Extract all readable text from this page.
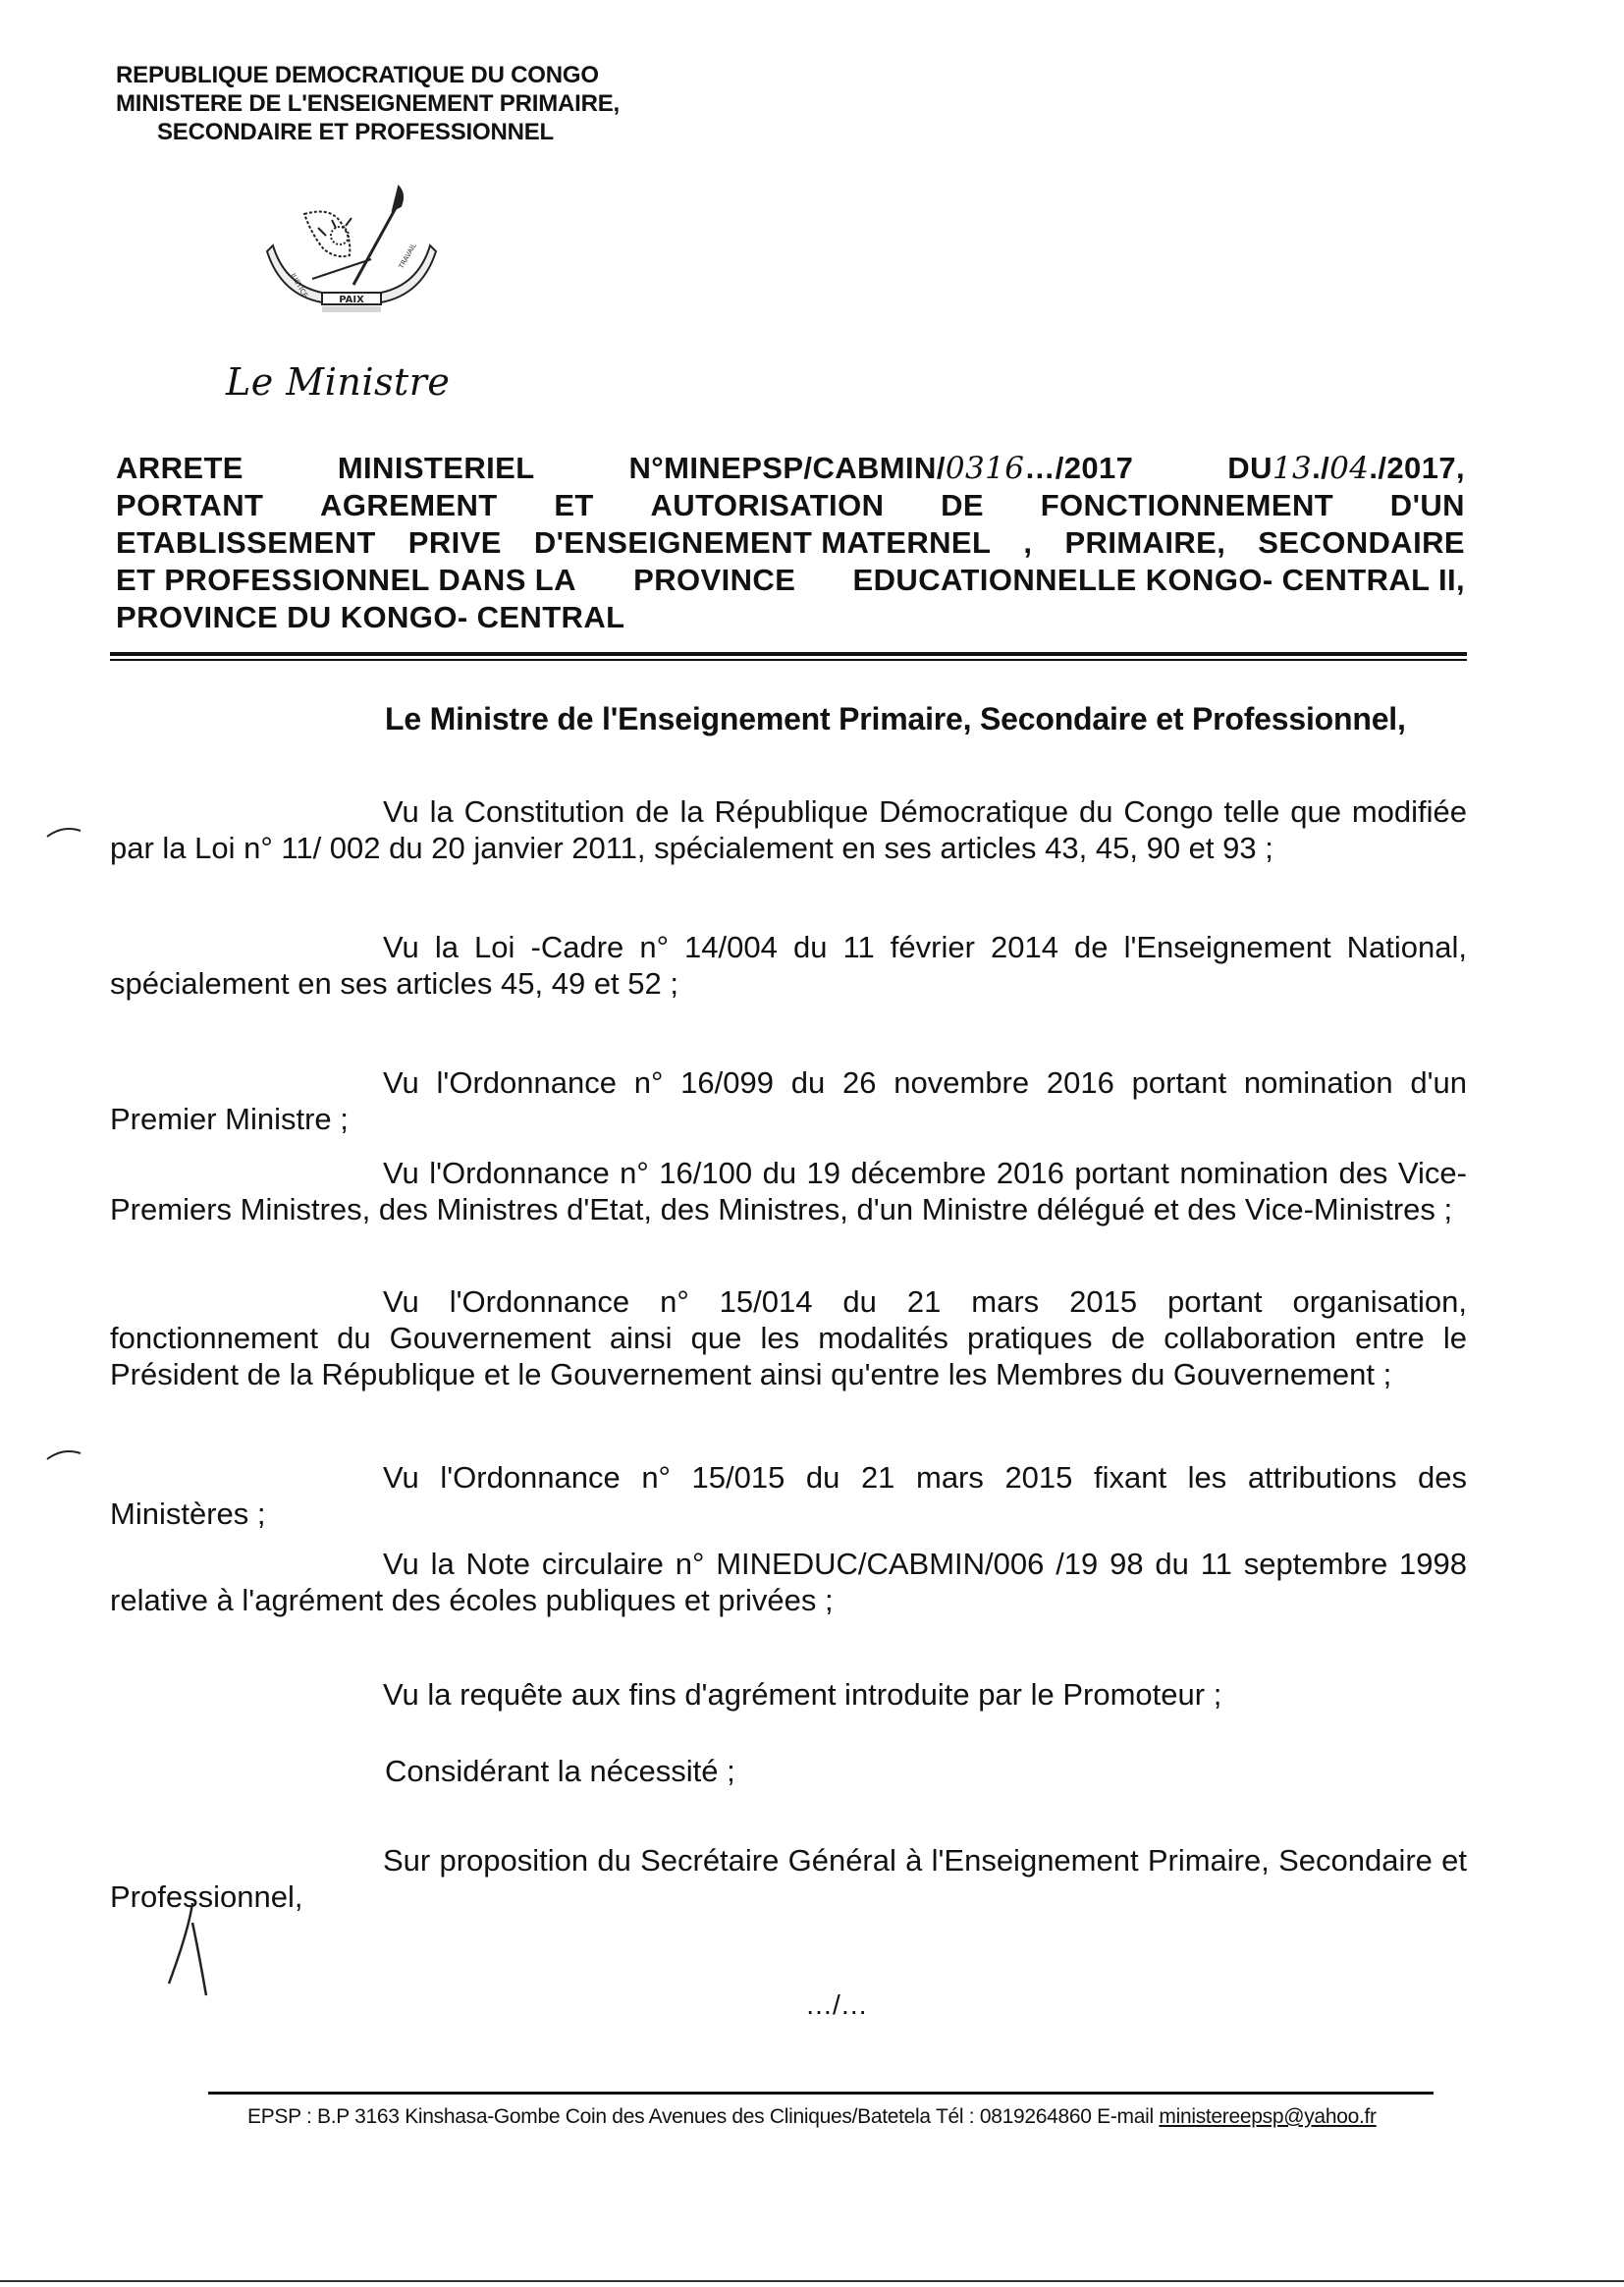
REPUBLIQUE DEMOCRATIQUE DU CONGO
MINISTERE DE L'ENSEIGNEMENT PRIMAIRE,
SECONDAIRE ET PROFESSIONNEL
PAIX
JUSTICE
TRAVAIL
Le Ministre
ARRETE	MINISTERIEL	N°MINEPSP/CABMIN/0316…/2017	DU13./04./2017,
PORTANT AGREMENT ET AUTORISATION DE FONCTIONNEMENT D'UN
ETABLISSEMENT PRIVE D'ENSEIGNEMENT MATERNEL , PRIMAIRE, SECONDAIRE
ET PROFESSIONNEL DANS LA PROVINCE EDUCATIONNELLE KONGO- CENTRAL II,
PROVINCE DU KONGO- CENTRAL
Le Ministre de l'Enseignement Primaire, Secondaire et Professionnel,
Vu la Constitution de la République Démocratique du Congo telle que modifiée par la Loi n° 11/ 002 du 20 janvier 2011, spécialement en ses articles 43, 45, 90 et 93 ;
Vu la Loi -Cadre n° 14/004 du 11 février 2014 de l'Enseignement National, spécialement en ses articles 45, 49 et 52 ;
Vu l'Ordonnance n° 16/099 du 26 novembre 2016 portant nomination d'un Premier Ministre ;
Vu l'Ordonnance n° 16/100 du 19 décembre 2016 portant nomination des Vice-Premiers Ministres, des Ministres d'Etat, des Ministres, d'un Ministre délégué et des Vice-Ministres ;
Vu l'Ordonnance n° 15/014 du 21 mars 2015 portant organisation, fonctionnement du Gouvernement ainsi que les modalités pratiques de collaboration entre le Président de la République et le Gouvernement ainsi qu'entre les Membres du Gouvernement ;
Vu l'Ordonnance n° 15/015 du 21 mars 2015 fixant les attributions des Ministères ;
Vu la Note circulaire n° MINEDUC/CABMIN/006 /19 98 du 11 septembre 1998 relative à l'agrément des écoles publiques et privées ;
Vu la requête aux fins d'agrément introduite par le Promoteur ;
Considérant la nécessité ;
Sur proposition du Secrétaire Général à l'Enseignement Primaire, Secondaire et Professionnel,
…/…
EPSP : B.P 3163 Kinshasa-Gombe Coin des Avenues des Cliniques/Batetela Tél : 0819264860 E-mail ministereepsp@yahoo.fr
